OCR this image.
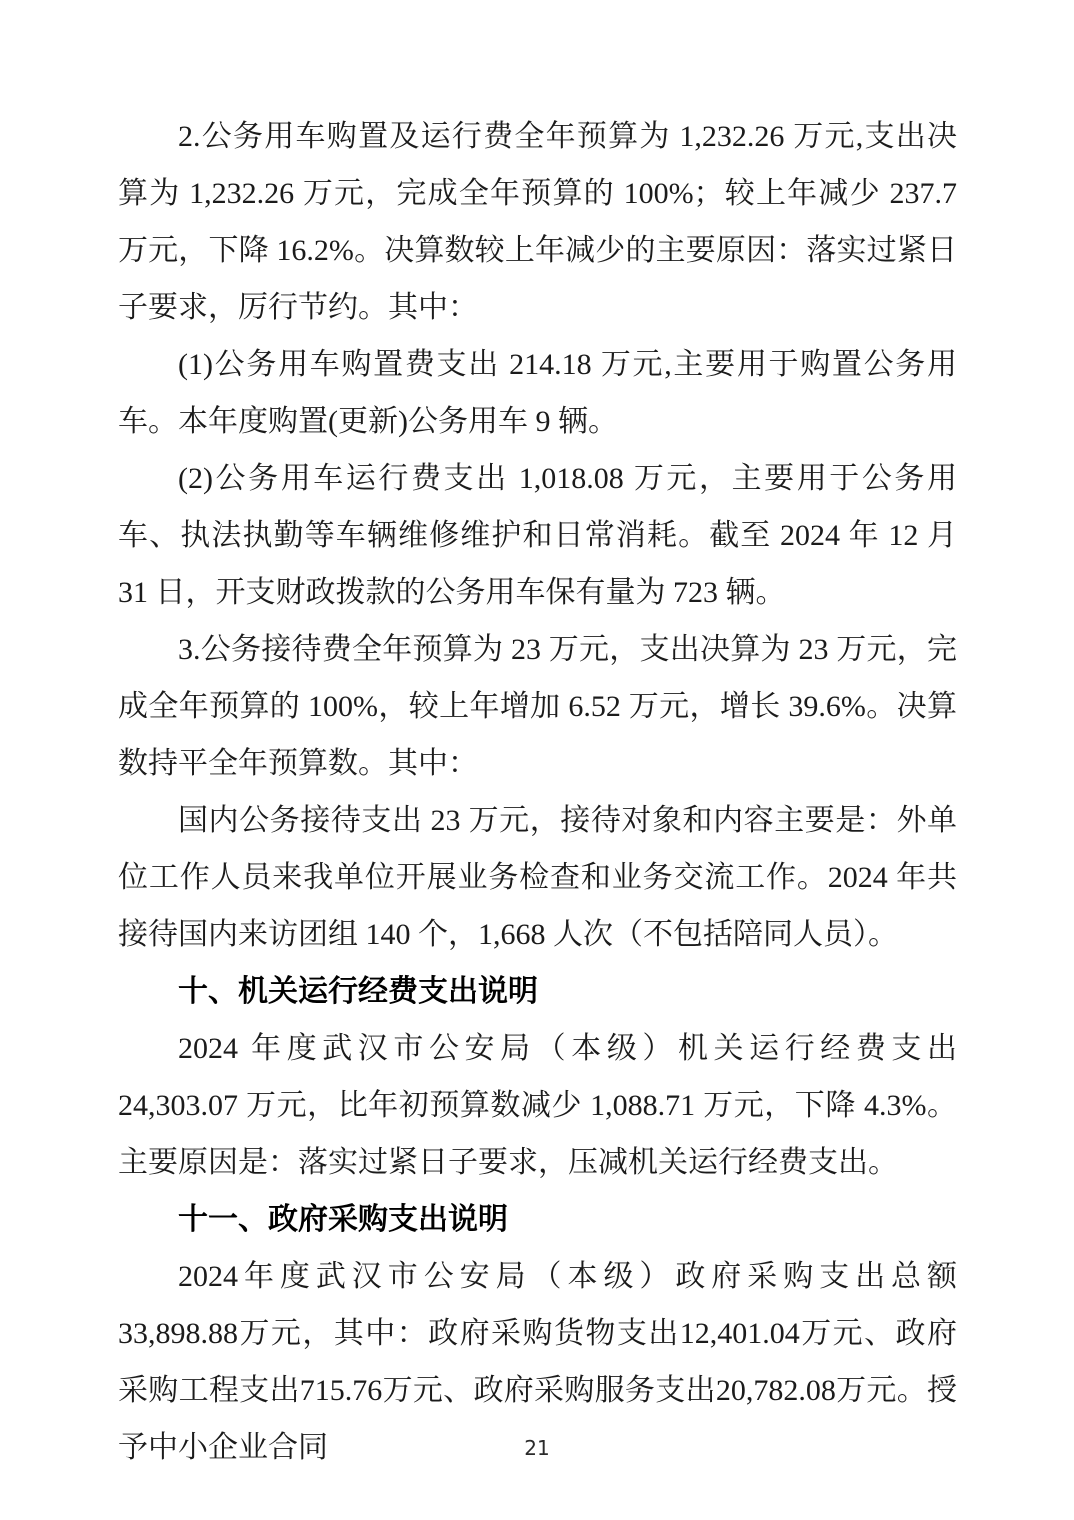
2.公务用车购置及运行费全年预算为 1,232.26 万元,支出决算为 1,232.26 万元，完成全年预算的 100%；较上年减少 237.7 万元，下降 16.2%。决算数较上年减少的主要原因：落实过紧日子要求，厉行节约。其中：

(1)公务用车购置费支出 214.18 万元,主要用于购置公务用车。本年度购置(更新)公务用车 9 辆。

(2)公务用车运行费支出 1,018.08 万元，主要用于公务用车、执法执勤等车辆维修维护和日常消耗。截至 2024 年 12 月 31 日，开支财政拨款的公务用车保有量为 723 辆。

3.公务接待费全年预算为 23 万元，支出决算为 23 万元，完成全年预算的 100%，较上年增加 6.52 万元，增长 39.6%。决算数持平全年预算数。其中：

国内公务接待支出 23 万元，接待对象和内容主要是：外单位工作人员来我单位开展业务检查和业务交流工作。2024 年共接待国内来访团组 140 个，1,668 人次（不包括陪同人员）。

十、机关运行经费支出说明

2024 年度武汉市公安局（本级）机关运行经费支出 24,303.07 万元，比年初预算数减少 1,088.71 万元，下降 4.3%。主要原因是：落实过紧日子要求，压减机关运行经费支出。

十一、政府采购支出说明

2024年度武汉市公安局（本级）政府采购支出总额33,898.88万元，其中：政府采购货物支出12,401.04万元、政府采购工程支出715.76万元、政府采购服务支出20,782.08万元。授予中小企业合同	21
